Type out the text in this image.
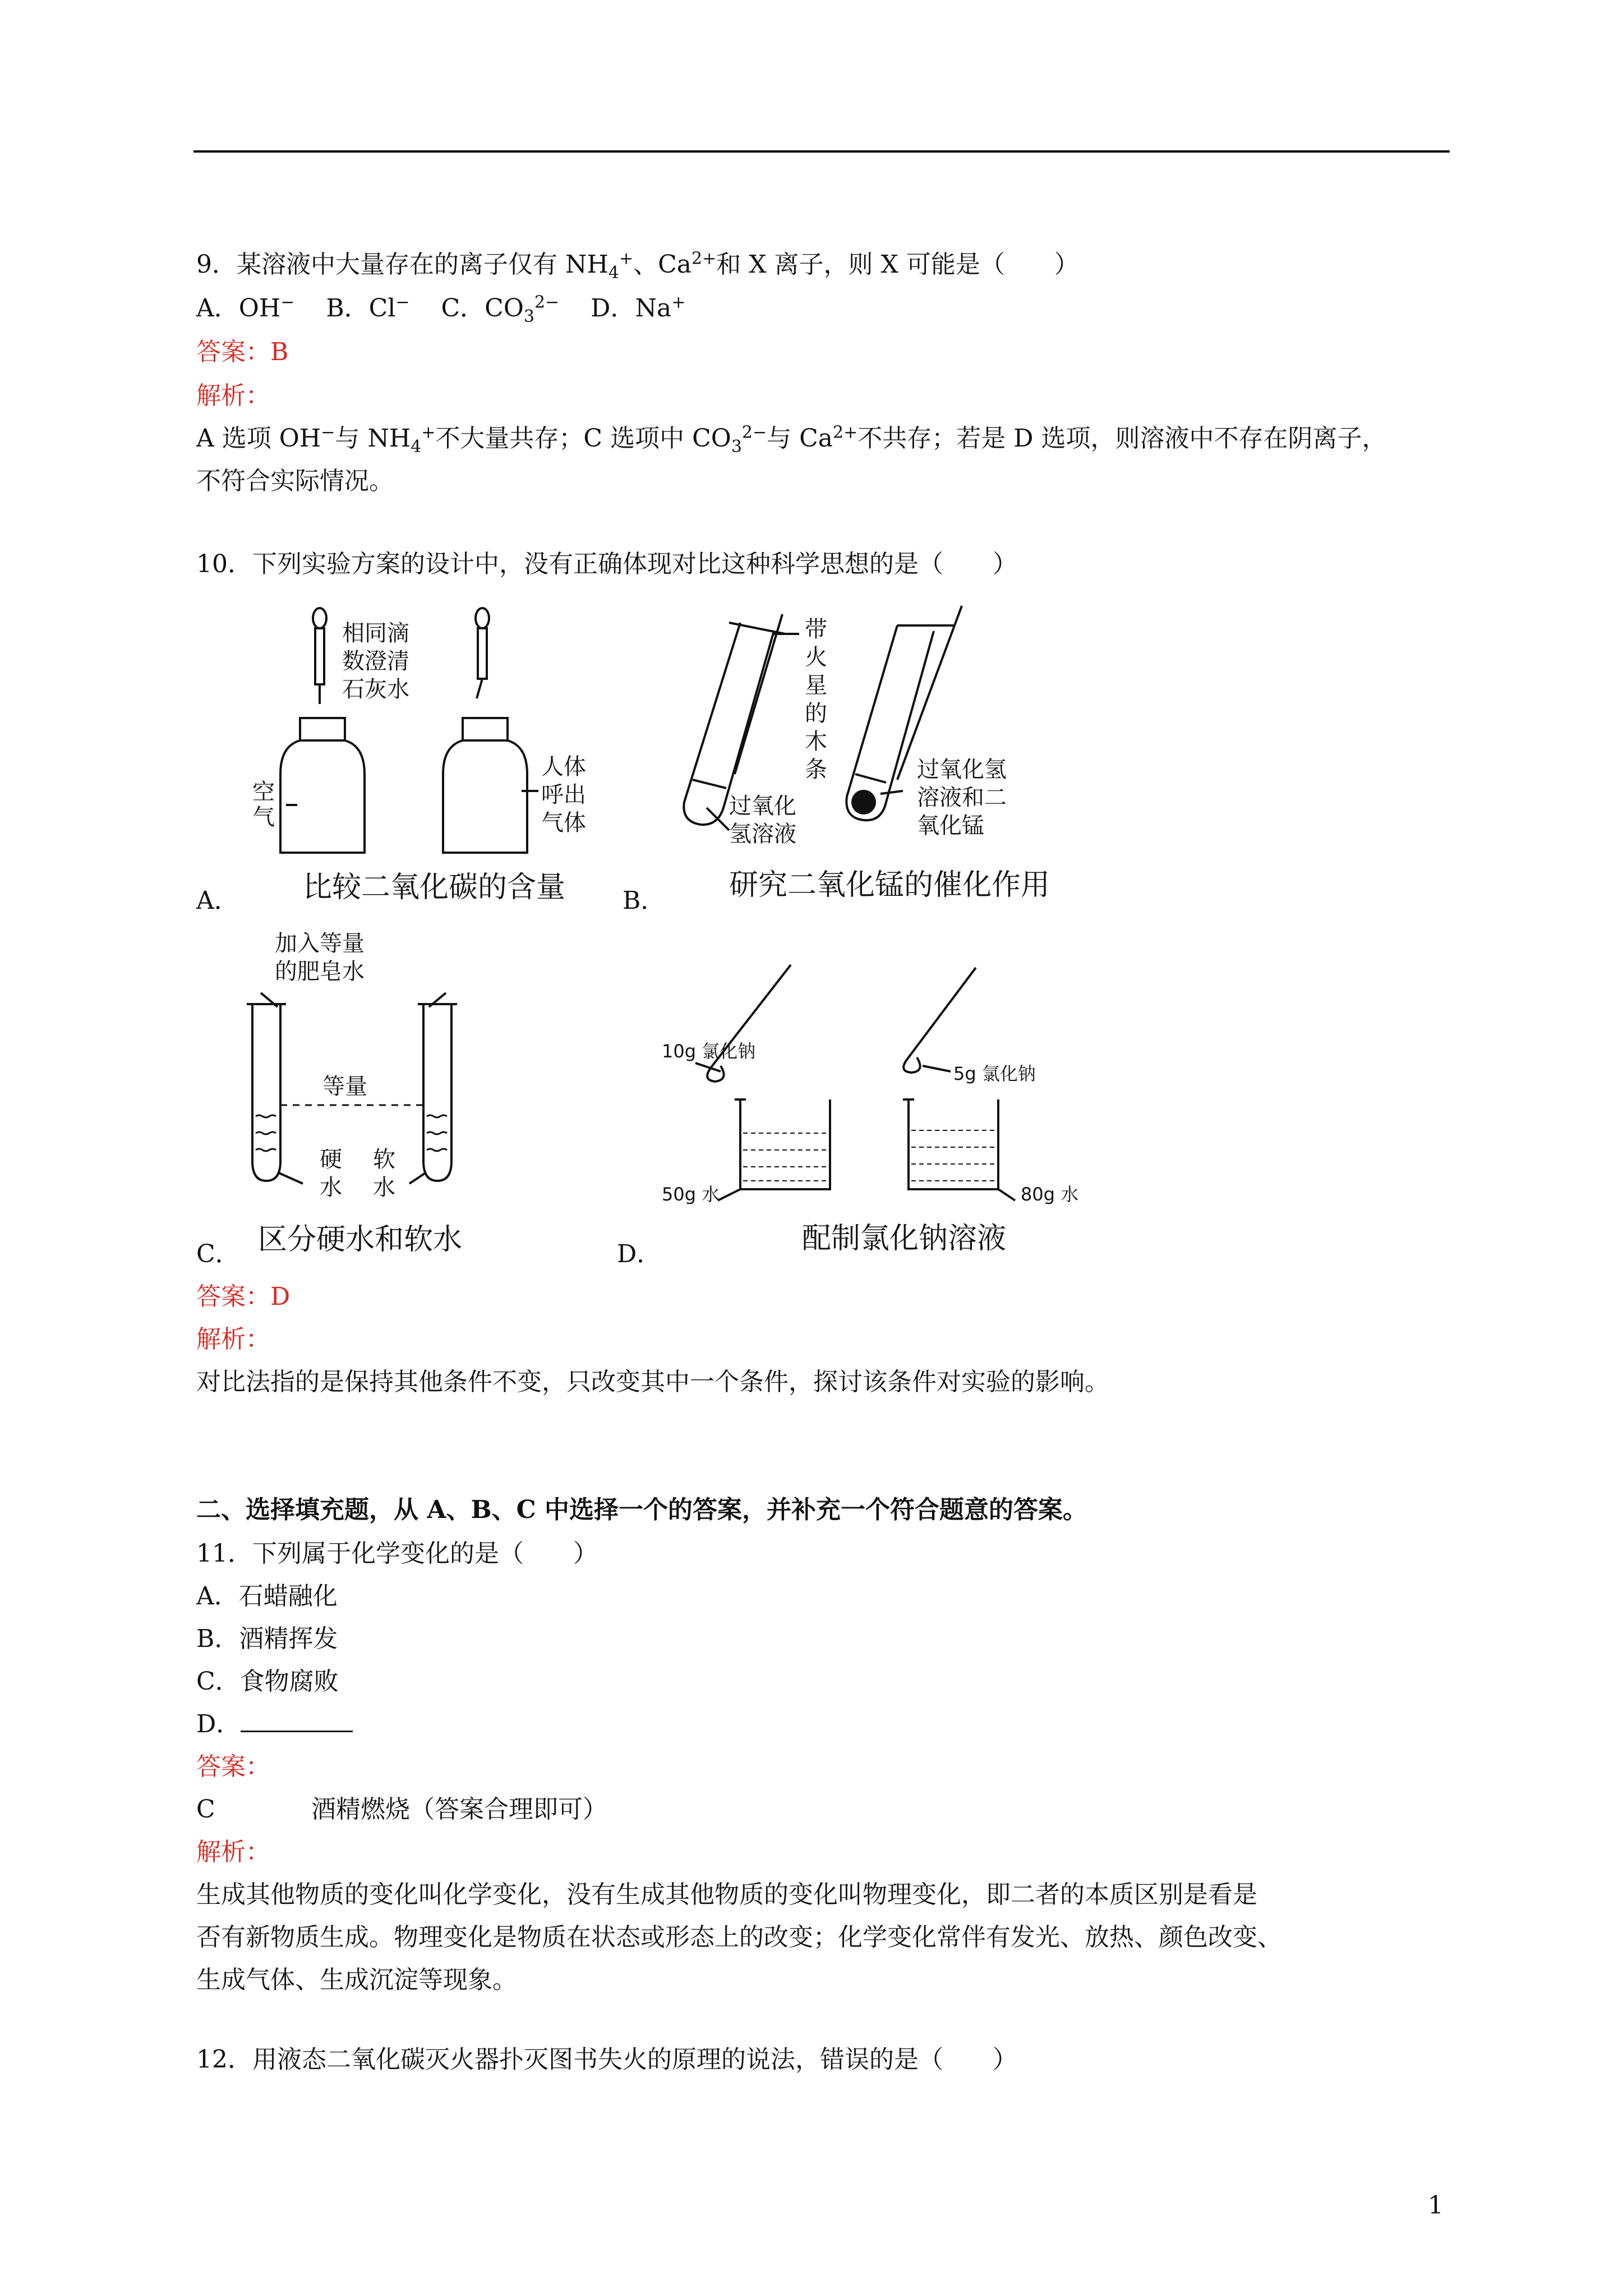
9．某溶液中大量存在的离子仅有 $NH_4^+$、$Ca^{2+}$和 X 离子，则 X 可能是（　　）
A．OH− B．Cl− C．$CO_3^{2-}$ D．Na+
答案：B
解析：
A 选项 OH−与 $NH_4^+$不大量共存；C 选项中 $CO_3^{2-}$与 $Ca^{2+}$不共存；若是 D 选项，则溶液中不存在阴离子，
不符合实际情况。
10．下列实验方案的设计中，没有正确体现对比这种科学思想的是（　　）
相同滴
数澄清
石灰水
空
气
人体
呼出
气体
A． 比较二氧化碳的含量
带
火
星
的
木
条
过氧化
氢溶液
过氧化氢
溶液和二
氧化锰
B． 研究二氧化锰的催化作用
加入等量
的肥皂水
等量
硬
水
软
水
C． 区分硬水和软水
10g 氯化钠
5g 氯化钠
50g 水	80g 水
D．	配制氯化钠溶液
答案：D
解析：
对比法指的是保持其他条件不变，只改变其中一个条件，探讨该条件对实验的影响。
二、选择填充题，从 A、B、C 中选择一个的答案，并补充一个符合题意的答案。
11．下列属于化学变化的是（　　）
A．石蜡融化
B．酒精挥发
C．食物腐败
D．
答案：
C	酒精燃烧（答案合理即可）
解析：
生成其他物质的变化叫化学变化，没有生成其他物质的变化叫物理变化，即二者的本质区别是看是
否有新物质生成。物理变化是物质在状态或形态上的改变；化学变化常伴有发光、放热、颜色改变、
生成气体、生成沉淀等现象。
12．用液态二氧化碳灭火器扑灭图书失火的原理的说法，错误的是（　　）
1
